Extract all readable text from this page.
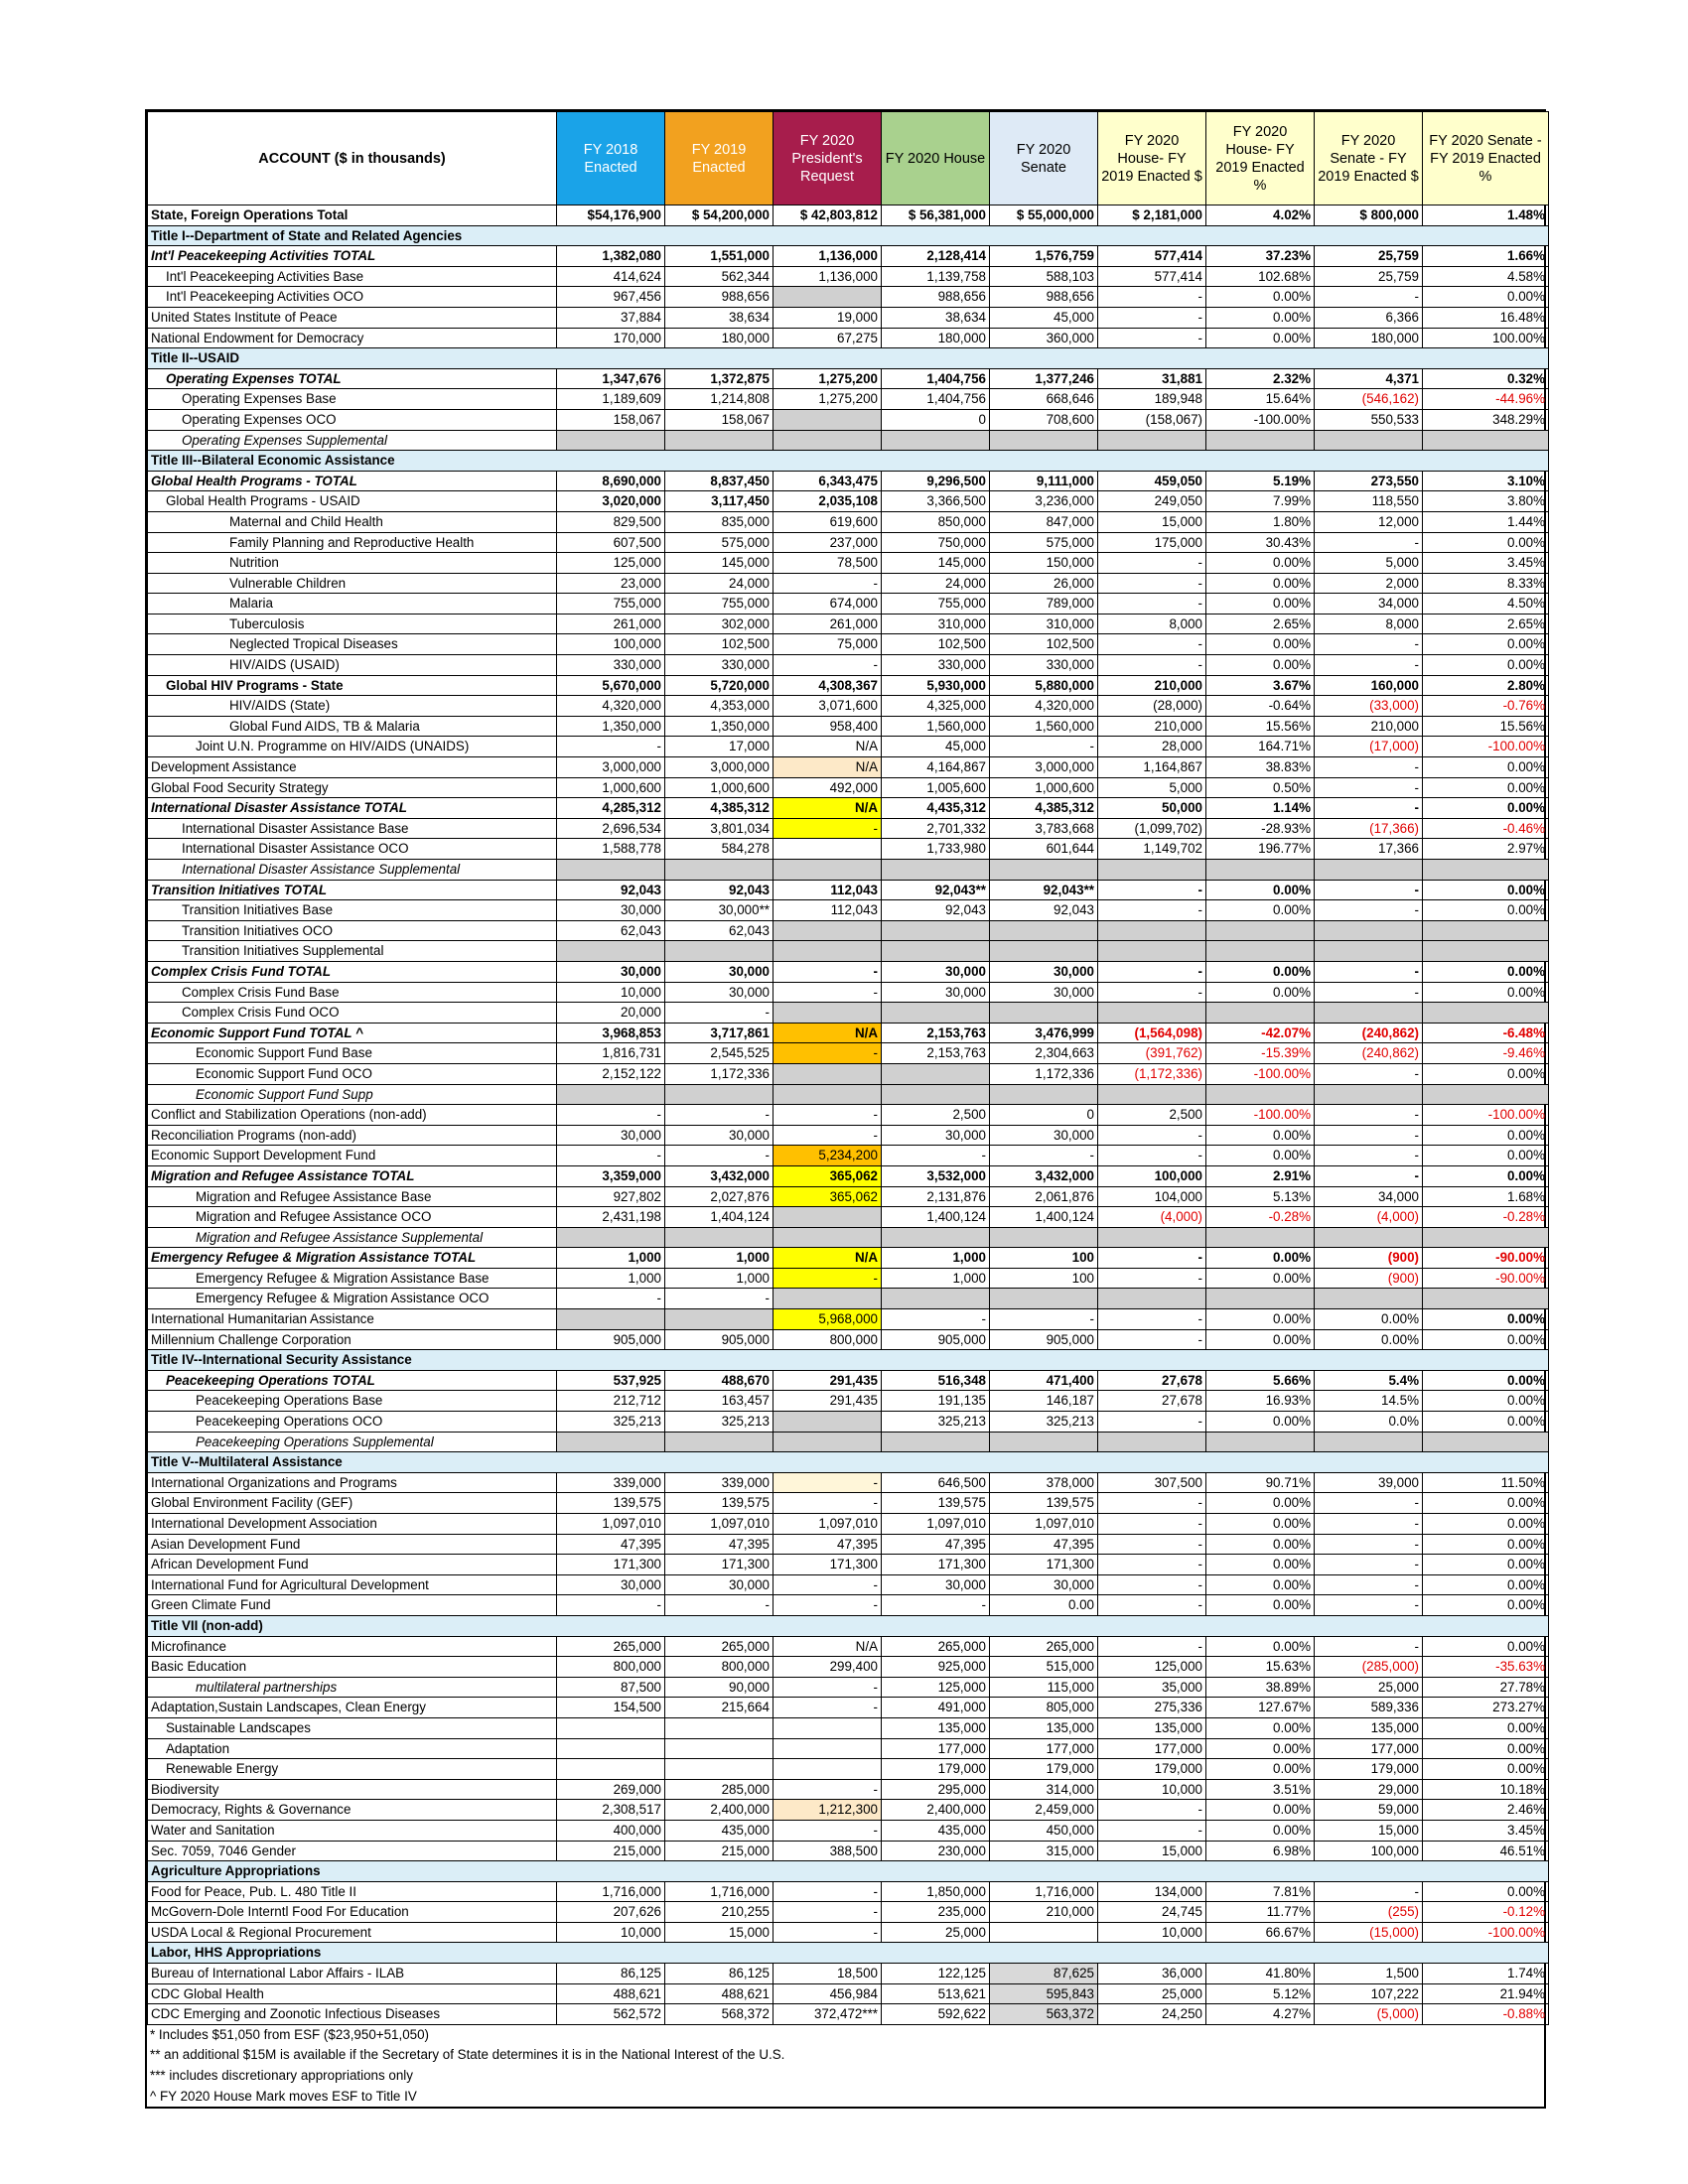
ACCOUNT ($ in thousands)	FY 2018 Enacted	FY 2019 Enacted	FY 2020 President's Request	FY 2020 House	FY 2020 Senate	FY 2020 House- FY 2019 Enacted $	FY 2020 House- FY 2019 Enacted %	FY 2020 Senate - FY 2019 Enacted $	FY 2020 Senate - FY 2019 Enacted %
State, Foreign Operations Total	$54,176,900	$ 54,200,000	$ 42,803,812	$ 56,381,000	$ 55,000,000	$ 2,181,000	4.02%	$ 800,000	1.48%
Title I--Department of State and Related Agencies									
Int'l Peacekeeping Activities TOTAL	1,382,080	1,551,000	1,136,000	2,128,414	1,576,759	577,414	37.23%	25,759	1.66%
Int'l Peacekeeping Activities Base	414,624	562,344	1,136,000	1,139,758	588,103	577,414	102.68%	25,759	4.58%
Int'l Peacekeeping Activities OCO	967,456	988,656		988,656	988,656	-	0.00%	-	0.00%
United States Institute of Peace	37,884	38,634	19,000	38,634	45,000	-	0.00%	6,366	16.48%
National Endowment for Democracy	170,000	180,000	67,275	180,000	360,000	-	0.00%	180,000	100.00%
Title II--USAID									
Operating Expenses TOTAL	1,347,676	1,372,875	1,275,200	1,404,756	1,377,246	31,881	2.32%	4,371	0.32%
Operating Expenses Base	1,189,609	1,214,808	1,275,200	1,404,756	668,646	189,948	15.64%	(546,162)	-44.96%
Operating Expenses OCO	158,067	158,067		0	708,600	(158,067)	-100.00%	550,533	348.29%
Operating Expenses Supplemental									
Title III--Bilateral Economic Assistance									
Global Health Programs - TOTAL	8,690,000	8,837,450	6,343,475	9,296,500	9,111,000	459,050	5.19%	273,550	3.10%
Global Health Programs - USAID	3,020,000	3,117,450	2,035,108	3,366,500	3,236,000	249,050	7.99%	118,550	3.80%
Maternal and Child Health	829,500	835,000	619,600	850,000	847,000	15,000	1.80%	12,000	1.44%
Family Planning and Reproductive Health	607,500	575,000	237,000	750,000	575,000	175,000	30.43%	-	0.00%
Nutrition	125,000	145,000	78,500	145,000	150,000	-	0.00%	5,000	3.45%
Vulnerable Children	23,000	24,000	-	24,000	26,000	-	0.00%	2,000	8.33%
Malaria	755,000	755,000	674,000	755,000	789,000	-	0.00%	34,000	4.50%
Tuberculosis	261,000	302,000	261,000	310,000	310,000	8,000	2.65%	8,000	2.65%
Neglected Tropical Diseases	100,000	102,500	75,000	102,500	102,500	-	0.00%	-	0.00%
HIV/AIDS (USAID)	330,000	330,000	-	330,000	330,000	-	0.00%	-	0.00%
Global HIV Programs - State	5,670,000	5,720,000	4,308,367	5,930,000	5,880,000	210,000	3.67%	160,000	2.80%
HIV/AIDS (State)	4,320,000	4,353,000	3,071,600	4,325,000	4,320,000	(28,000)	-0.64%	(33,000)	-0.76%
Global Fund AIDS, TB & Malaria	1,350,000	1,350,000	958,400	1,560,000	1,560,000	210,000	15.56%	210,000	15.56%
Joint U.N. Programme on HIV/AIDS (UNAIDS)	-	17,000	N/A	45,000	-	28,000	164.71%	(17,000)	-100.00%
Development Assistance	3,000,000	3,000,000	N/A	4,164,867	3,000,000	1,164,867	38.83%	-	0.00%
Global Food Security Strategy	1,000,600	1,000,600	492,000	1,005,600	1,000,600	5,000	0.50%	-	0.00%
International Disaster Assistance TOTAL	4,285,312	4,385,312	N/A	4,435,312	4,385,312	50,000	1.14%	-	0.00%
International Disaster Assistance Base	2,696,534	3,801,034	-	2,701,332	3,783,668	(1,099,702)	-28.93%	(17,366)	-0.46%
International Disaster Assistance OCO	1,588,778	584,278		1,733,980	601,644	1,149,702	196.77%	17,366	2.97%
International Disaster Assistance Supplemental									
Transition Initiatives TOTAL	92,043	92,043	112,043	92,043**	92,043**	-	0.00%	-	0.00%
Transition Initiatives Base	30,000	30,000**	112,043	92,043	92,043	-	0.00%	-	0.00%
Transition Initiatives OCO	62,043	62,043							
Transition Initiatives Supplemental									
Complex Crisis Fund TOTAL	30,000	30,000	-	30,000	30,000	-	0.00%	-	0.00%
Complex Crisis Fund Base	10,000	30,000	-	30,000	30,000	-	0.00%	-	0.00%
Complex Crisis Fund OCO	20,000	-							
Economic Support Fund TOTAL ^	3,968,853	3,717,861	N/A	2,153,763	3,476,999	(1,564,098)	-42.07%	(240,862)	-6.48%
Economic Support Fund Base	1,816,731	2,545,525	-	2,153,763	2,304,663	(391,762)	-15.39%	(240,862)	-9.46%
Economic Support Fund OCO	2,152,122	1,172,336			1,172,336	(1,172,336)	-100.00%	-	0.00%
Economic Support Fund Supp									
Conflict and Stabilization Operations (non-add)	-	-	-	2,500	0	2,500	-100.00%	-	-100.00%
Reconciliation Programs (non-add)	30,000	30,000	-	30,000	30,000	-	0.00%	-	0.00%
Economic Support Development Fund	-	-	5,234,200	-	-	-	0.00%	-	0.00%
Migration and Refugee Assistance TOTAL	3,359,000	3,432,000	365,062	3,532,000	3,432,000	100,000	2.91%	-	0.00%
Migration and Refugee Assistance Base	927,802	2,027,876	365,062	2,131,876	2,061,876	104,000	5.13%	34,000	1.68%
Migration and Refugee Assistance OCO	2,431,198	1,404,124		1,400,124	1,400,124	(4,000)	-0.28%	(4,000)	-0.28%
Migration and Refugee Assistance Supplemental									
Emergency Refugee & Migration Assistance TOTAL	1,000	1,000	N/A	1,000	100	-	0.00%	(900)	-90.00%
Emergency Refugee & Migration Assistance Base	1,000	1,000	-	1,000	100	-	0.00%	(900)	-90.00%
Emergency Refugee & Migration Assistance OCO	-	-							
International Humanitarian Assistance			5,968,000	-	-	-	0.00%	0.00%	0.00%
Millennium Challenge Corporation	905,000	905,000	800,000	905,000	905,000	-	0.00%	0.00%	0.00%
Title IV--International Security Assistance									
Peacekeeping Operations TOTAL	537,925	488,670	291,435	516,348	471,400	27,678	5.66%	5.4%	0.00%
Peacekeeping Operations Base	212,712	163,457	291,435	191,135	146,187	27,678	16.93%	14.5%	0.00%
Peacekeeping Operations OCO	325,213	325,213		325,213	325,213	-	0.00%	0.0%	0.00%
Peacekeeping Operations Supplemental									
Title V--Multilateral Assistance									
International Organizations and Programs	339,000	339,000	-	646,500	378,000	307,500	90.71%	39,000	11.50%
Global Environment Facility (GEF)	139,575	139,575	-	139,575	139,575	-	0.00%	-	0.00%
International Development Association	1,097,010	1,097,010	1,097,010	1,097,010	1,097,010	-	0.00%	-	0.00%
Asian Development Fund	47,395	47,395	47,395	47,395	47,395	-	0.00%	-	0.00%
African Development Fund	171,300	171,300	171,300	171,300	171,300	-	0.00%	-	0.00%
International Fund for Agricultural Development	30,000	30,000	-	30,000	30,000	-	0.00%	-	0.00%
Green Climate Fund	-	-	-	-	0.00	-	0.00%	-	0.00%
Title VII (non-add)									
Microfinance	265,000	265,000	N/A	265,000	265,000	-	0.00%	-	0.00%
Basic Education	800,000	800,000	299,400	925,000	515,000	125,000	15.63%	(285,000)	-35.63%
multilateral partnerships	87,500	90,000	-	125,000	115,000	35,000	38.89%	25,000	27.78%
Adaptation,Sustain Landscapes, Clean Energy	154,500	215,664	-	491,000	805,000	275,336	127.67%	589,336	273.27%
Sustainable Landscapes				135,000	135,000	135,000	0.00%	135,000	0.00%
Adaptation				177,000	177,000	177,000	0.00%	177,000	0.00%
Renewable Energy				179,000	179,000	179,000	0.00%	179,000	0.00%
Biodiversity	269,000	285,000	-	295,000	314,000	10,000	3.51%	29,000	10.18%
Democracy, Rights & Governance	2,308,517	2,400,000	1,212,300	2,400,000	2,459,000	-	0.00%	59,000	2.46%
Water and Sanitation	400,000	435,000	-	435,000	450,000	-	0.00%	15,000	3.45%
Sec. 7059, 7046 Gender	215,000	215,000	388,500	230,000	315,000	15,000	6.98%	100,000	46.51%
Agriculture Appropriations									
Food for Peace, Pub. L. 480 Title II	1,716,000	1,716,000	-	1,850,000	1,716,000	134,000	7.81%	-	0.00%
McGovern-Dole Interntl Food For Education	207,626	210,255	-	235,000	210,000	24,745	11.77%	(255)	-0.12%
USDA Local & Regional Procurement	10,000	15,000	-	25,000		10,000	66.67%	(15,000)	-100.00%
Labor, HHS Appropriations									
Bureau of International Labor Affairs - ILAB	86,125	86,125	18,500	122,125	87,625	36,000	41.80%	1,500	1.74%
CDC Global Health	488,621	488,621	456,984	513,621	595,843	25,000	5.12%	107,222	21.94%
CDC Emerging and Zoonotic Infectious Diseases	562,572	568,372	372,472***	592,622	563,372	24,250	4.27%	(5,000)	-0.88%
* Includes $51,050 from ESF ($23,950+51,050)
** an additional $15M is available if the Secretary of State determines it is in the National Interest of the U.S.
*** includes discretionary appropriations only
^ FY 2020 House Mark moves ESF to Title IV
